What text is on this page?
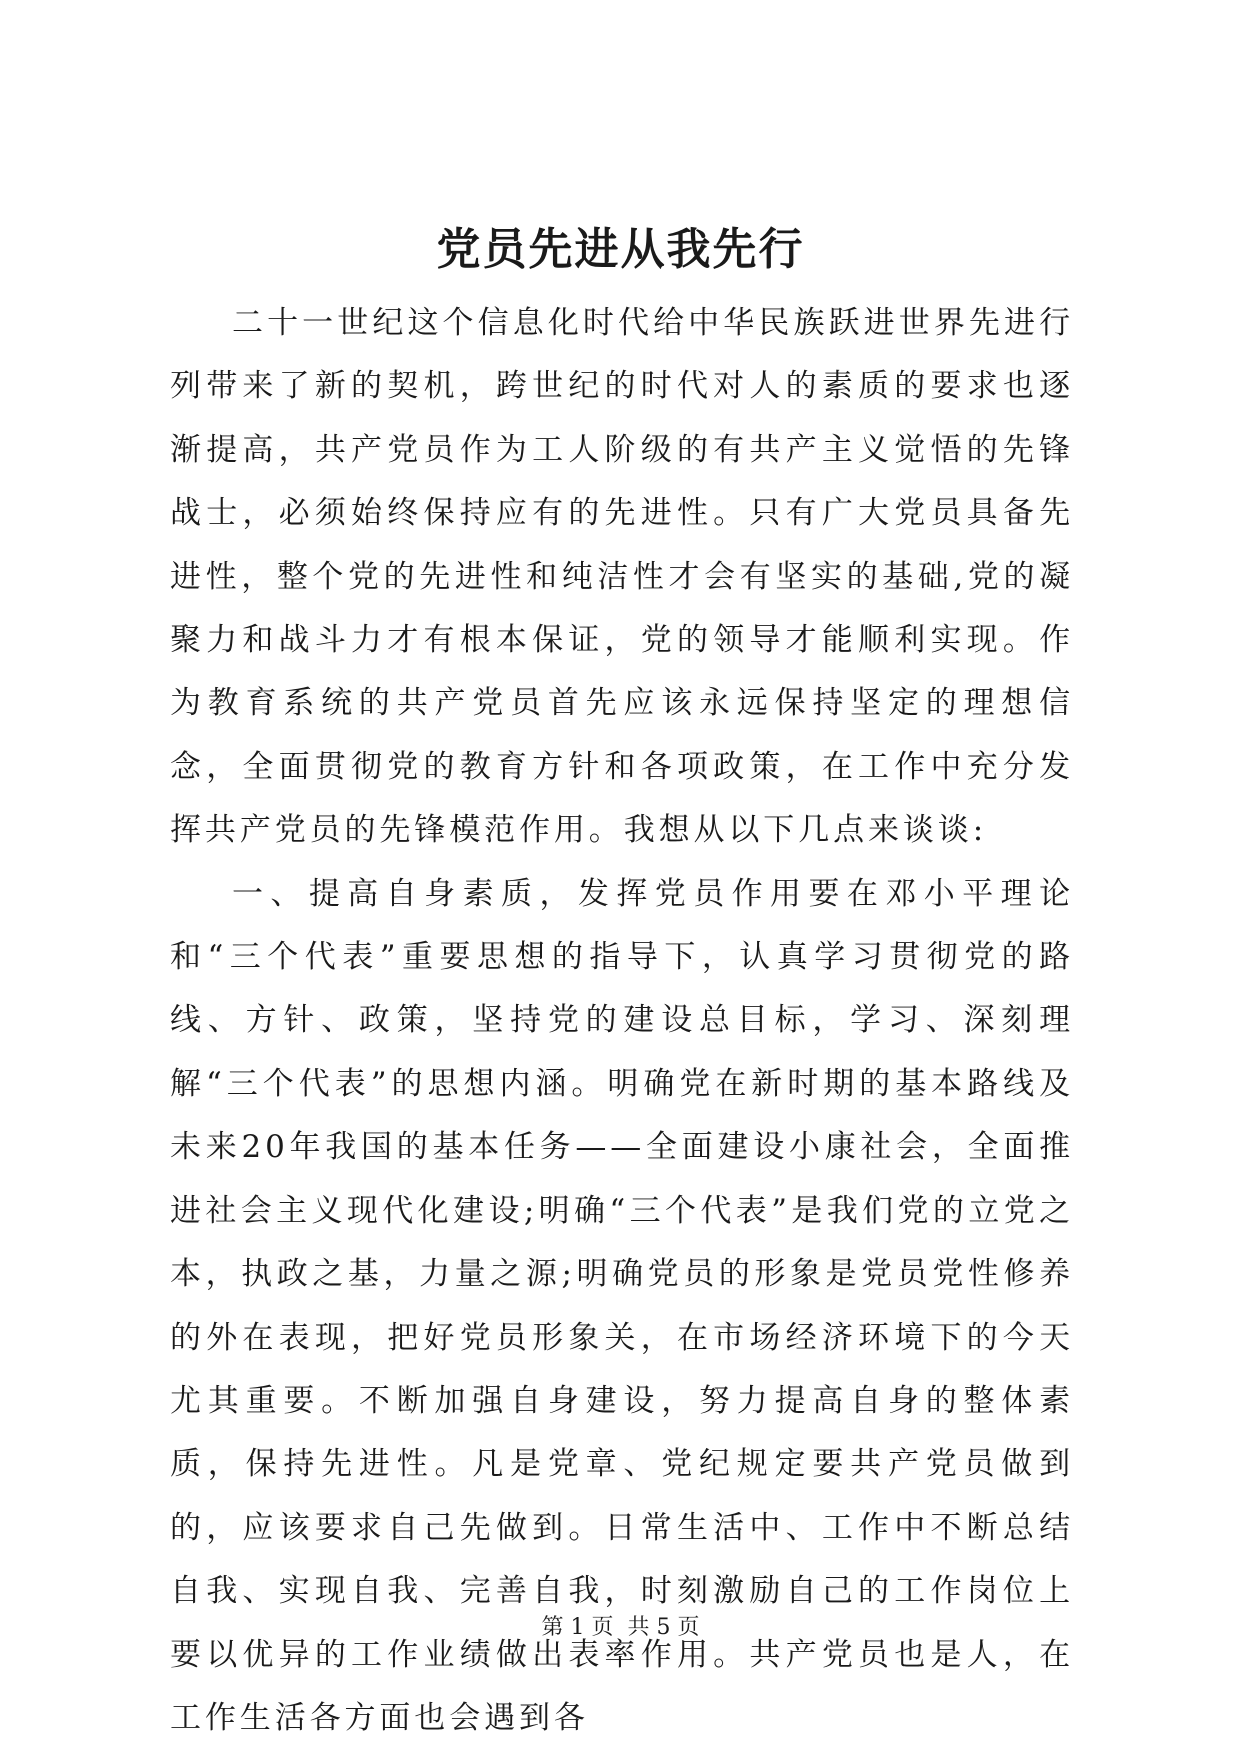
党员先进从我先行

二十一世纪这个信息化时代给中华民族跃进世界先进行列带来了新的契机，跨世纪的时代对人的素质的要求也逐渐提高，共产党员作为工人阶级的有共产主义觉悟的先锋战士，必须始终保持应有的先进性。只有广大党员具备先进性，整个党的先进性和纯洁性才会有坚实的基础,党的凝聚力和战斗力才有根本保证，党的领导才能顺利实现。作为教育系统的共产党员首先应该永远保持坚定的理想信念，全面贯彻党的教育方针和各项政策，在工作中充分发挥共产党员的先锋模范作用。我想从以下几点来谈谈:

一、提高自身素质，发挥党员作用要在邓小平理论和“三个代表”重要思想的指导下，认真学习贯彻党的路线、方针、政策，坚持党的建设总目标，学习、深刻理解“三个代表”的思想内涵。明确党在新时期的基本路线及未来20年我国的基本任务——全面建设小康社会，全面推进社会主义现代化建设;明确“三个代表”是我们党的立党之本，执政之基，力量之源;明确党员的形象是党员党性修养的外在表现，把好党员形象关，在市场经济环境下的今天尤其重要。不断加强自身建设，努力提高自身的整体素质，保持先进性。凡是党章、党纪规定要共产党员做到的，应该要求自己先做到。日常生活中、工作中不断总结自我、实现自我、完善自我，时刻激励自己的工作岗位上要以优异的工作业绩做出表率作用。共产党员也是人，在工作生活各方面也会遇到各

第 1 页  共 5 页
